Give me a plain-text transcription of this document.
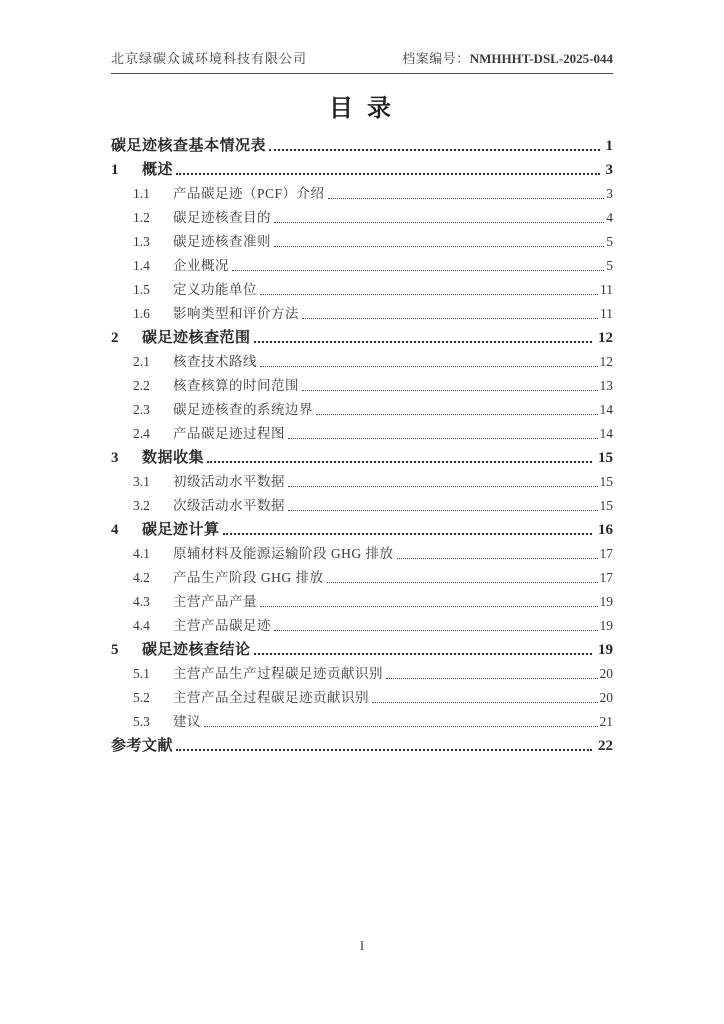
北京绿碳众诚环境科技有限公司	档案编号：NMHHHT-DSL-2025-044
目 录
碳足迹核查基本情况表	1
1	概述	3
1.1	产品碳足迹（PCF）介绍	3
1.2	碳足迹核查目的	4
1.3	碳足迹核查准则	5
1.4	企业概况	5
1.5	定义功能单位	11
1.6	影响类型和评价方法	11
2	碳足迹核查范围	12
2.1	核查技术路线	12
2.2	核查核算的时间范围	13
2.3	碳足迹核查的系统边界	14
2.4	产品碳足迹过程图	14
3	数据收集	15
3.1	初级活动水平数据	15
3.2	次级活动水平数据	15
4	碳足迹计算	16
4.1	原辅材料及能源运输阶段 GHG 排放	17
4.2	产品生产阶段 GHG 排放	17
4.3	主营产品产量	19
4.4	主营产品碳足迹	19
5	碳足迹核查结论	19
5.1	主营产品生产过程碳足迹贡献识别	20
5.2	主营产品全过程碳足迹贡献识别	20
5.3	建议	21
参考文献	22
I
